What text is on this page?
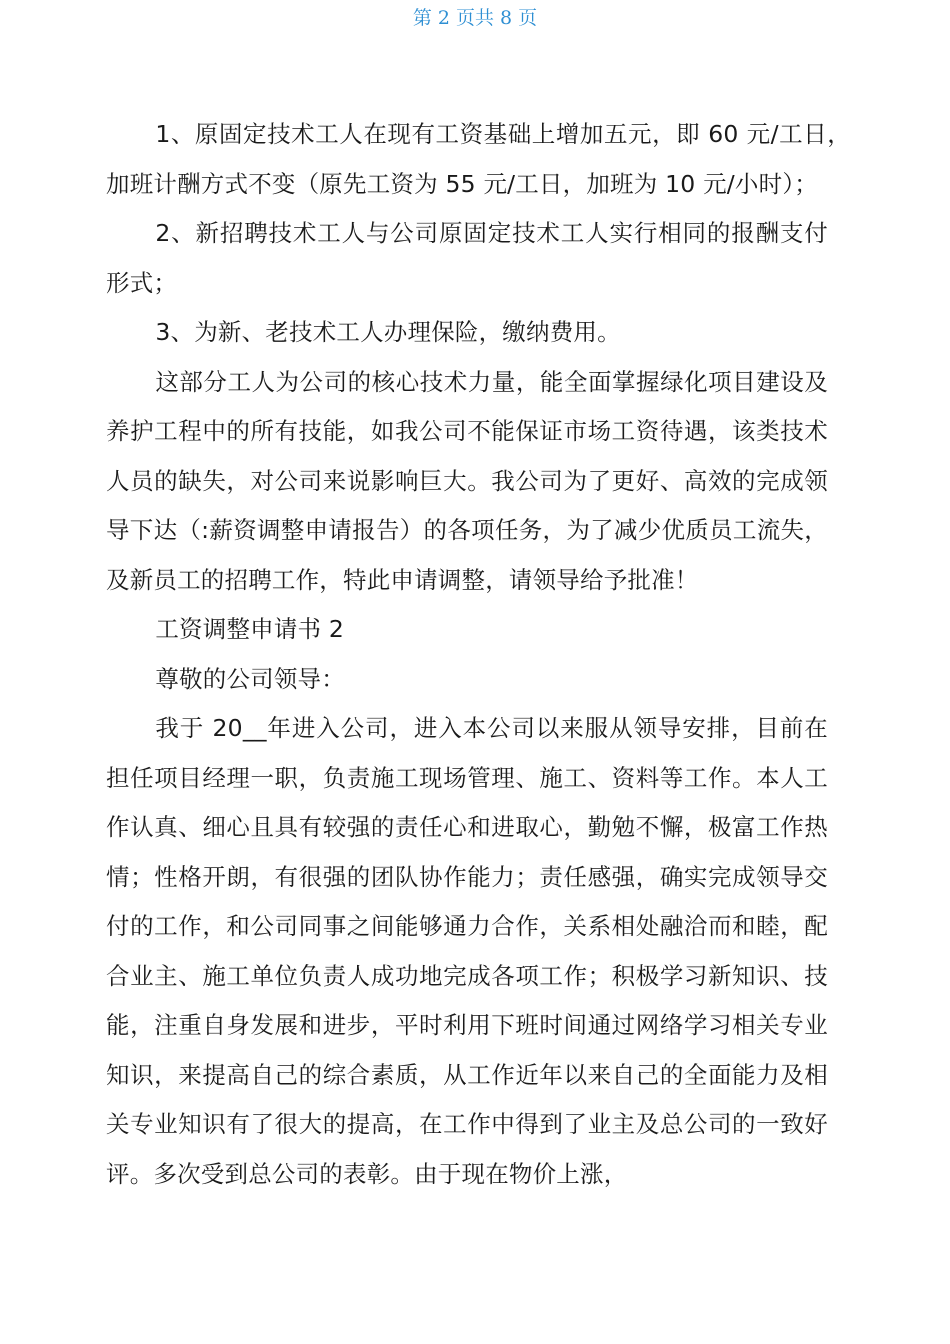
第 2 页共 8 页

1、原固定技术工人在现有工资基础上增加五元，即 60 元/工日，加班计酬方式不变（原先工资为 55 元/工日，加班为 10 元/小时）；

2、新招聘技术工人与公司原固定技术工人实行相同的报酬支付形式；

3、为新、老技术工人办理保险，缴纳费用。

这部分工人为公司的核心技术力量，能全面掌握绿化项目建设及养护工程中的所有技能，如我公司不能保证市场工资待遇，该类技术人员的缺失，对公司来说影响巨大。我公司为了更好、高效的完成领导下达（:薪资调整申请报告）的各项任务，为了减少优质员工流失，及新员工的招聘工作，特此申请调整，请领导给予批准！

工资调整申请书 2

尊敬的公司领导：

我于 20__年进入公司，进入本公司以来服从领导安排，目前在担任项目经理一职，负责施工现场管理、施工、资料等工作。本人工作认真、细心且具有较强的责任心和进取心，勤勉不懈，极富工作热情；性格开朗，有很强的团队协作能力；责任感强，确实完成领导交付的工作，和公司同事之间能够通力合作，关系相处融洽而和睦，配合业主、施工单位负责人成功地完成各项工作；积极学习新知识、技能，注重自身发展和进步，平时利用下班时间通过网络学习相关专业知识，来提高自己的综合素质，从工作近年以来自己的全面能力及相关专业知识有了很大的提高，在工作中得到了业主及总公司的一致好评。多次受到总公司的表彰。由于现在物价上涨，
